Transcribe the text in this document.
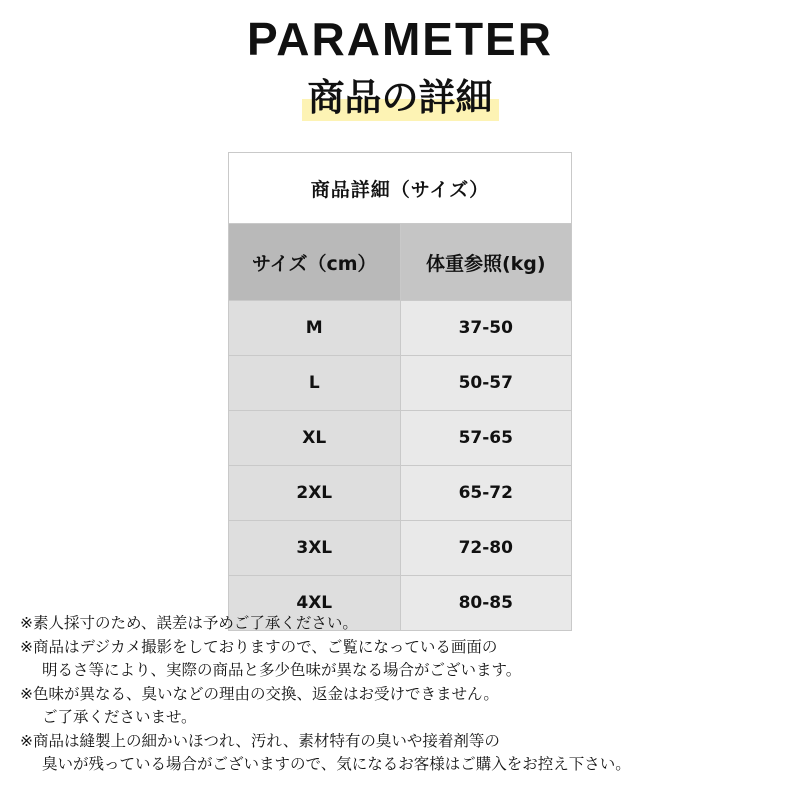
PARAMETER
商品の詳細
商品詳細（サイズ）	
サイズ（cm）	体重参照(kg)
M	37-50
L	50-57
XL	57-65
2XL	65-72
3XL	72-80
4XL	80-85
※素人採寸のため、誤差は予めご了承ください。
※商品はデジカメ撮影をしておりますので、ご覧になっている画面の
明るさ等により、実際の商品と多少色味が異なる場合がございます。
※色味が異なる、臭いなどの理由の交換、返金はお受けできません。
ご了承くださいませ。
※商品は縫製上の細かいほつれ、汚れ、素材特有の臭いや接着剤等の
臭いが残っている場合がございますので、気になるお客様はご購入をお控え下さい。
